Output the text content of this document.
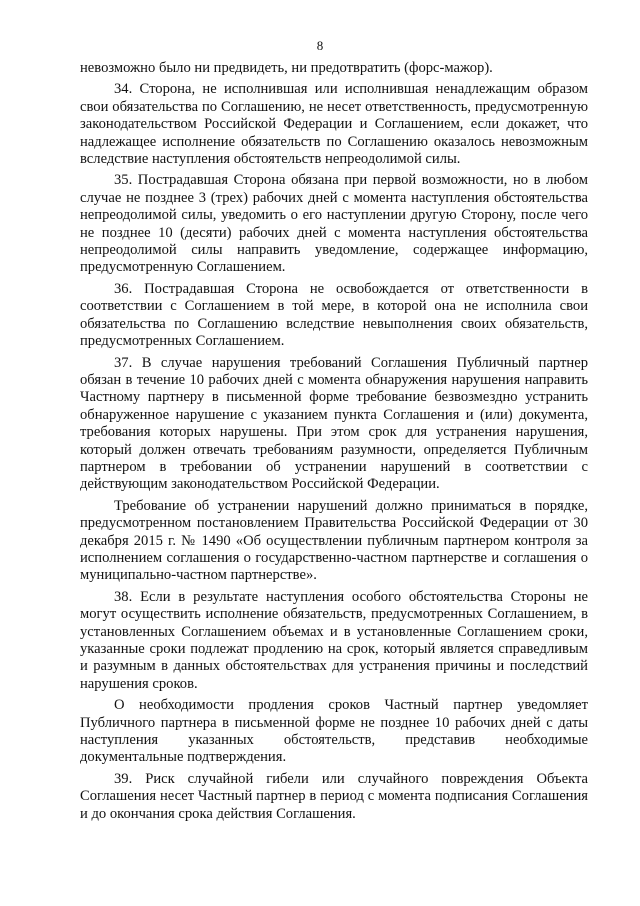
8

невозможно было ни предвидеть, ни предотвратить (форс-мажор).

34. Сторона, не исполнившая или исполнившая ненадлежащим образом свои обязательства по Соглашению, не несет ответственность, предусмотренную законодательством Российской Федерации и Соглашением, если докажет, что надлежащее исполнение обязательств по Соглашению оказалось невозможным вследствие наступления обстоятельств непреодолимой силы.

35. Пострадавшая Сторона обязана при первой возможности, но в любом случае не позднее 3 (трех) рабочих дней с момента наступления обстоятельства непреодолимой силы, уведомить о его наступлении другую Сторону, после чего не позднее 10 (десяти) рабочих дней с момента наступления обстоятельства непреодолимой силы направить уведомление, содержащее информацию, предусмотренную Соглашением.

36. Пострадавшая Сторона не освобождается от ответственности в соответствии с Соглашением в той мере, в которой она не исполнила свои обязательства по Соглашению вследствие невыполнения своих обязательств, предусмотренных Соглашением.

37. В случае нарушения требований Соглашения Публичный партнер обязан в течение 10 рабочих дней с момента обнаружения нарушения направить Частному партнеру в письменной форме требование безвозмездно устранить обнаруженное нарушение с указанием пункта Соглашения и (или) документа, требования которых нарушены. При этом срок для устранения нарушения, который должен отвечать требованиям разумности, определяется Публичным партнером в требовании об устранении нарушений в соответствии с действующим законодательством Российской Федерации.

Требование об устранении нарушений должно приниматься в порядке, предусмотренном постановлением Правительства Российской Федерации от 30 декабря 2015 г. № 1490 «Об осуществлении публичным партнером контроля за исполнением соглашения о государственно-частном партнерстве и соглашения о муниципально-частном партнерстве».

38. Если в результате наступления особого обстоятельства Стороны не могут осуществить исполнение обязательств, предусмотренных Соглашением, в установленных Соглашением объемах и в установленные Соглашением сроки, указанные сроки подлежат продлению на срок, который является справедливым и разумным в данных обстоятельствах для устранения причины и последствий нарушения сроков.

О необходимости продления сроков Частный партнер уведомляет Публичного партнера в письменной форме не позднее 10 рабочих дней с даты наступления указанных обстоятельств, представив необходимые документальные подтверждения.

39. Риск случайной гибели или случайного повреждения Объекта Соглашения несет Частный партнер в период с момента подписания Соглашения и до окончания срока действия Соглашения.
